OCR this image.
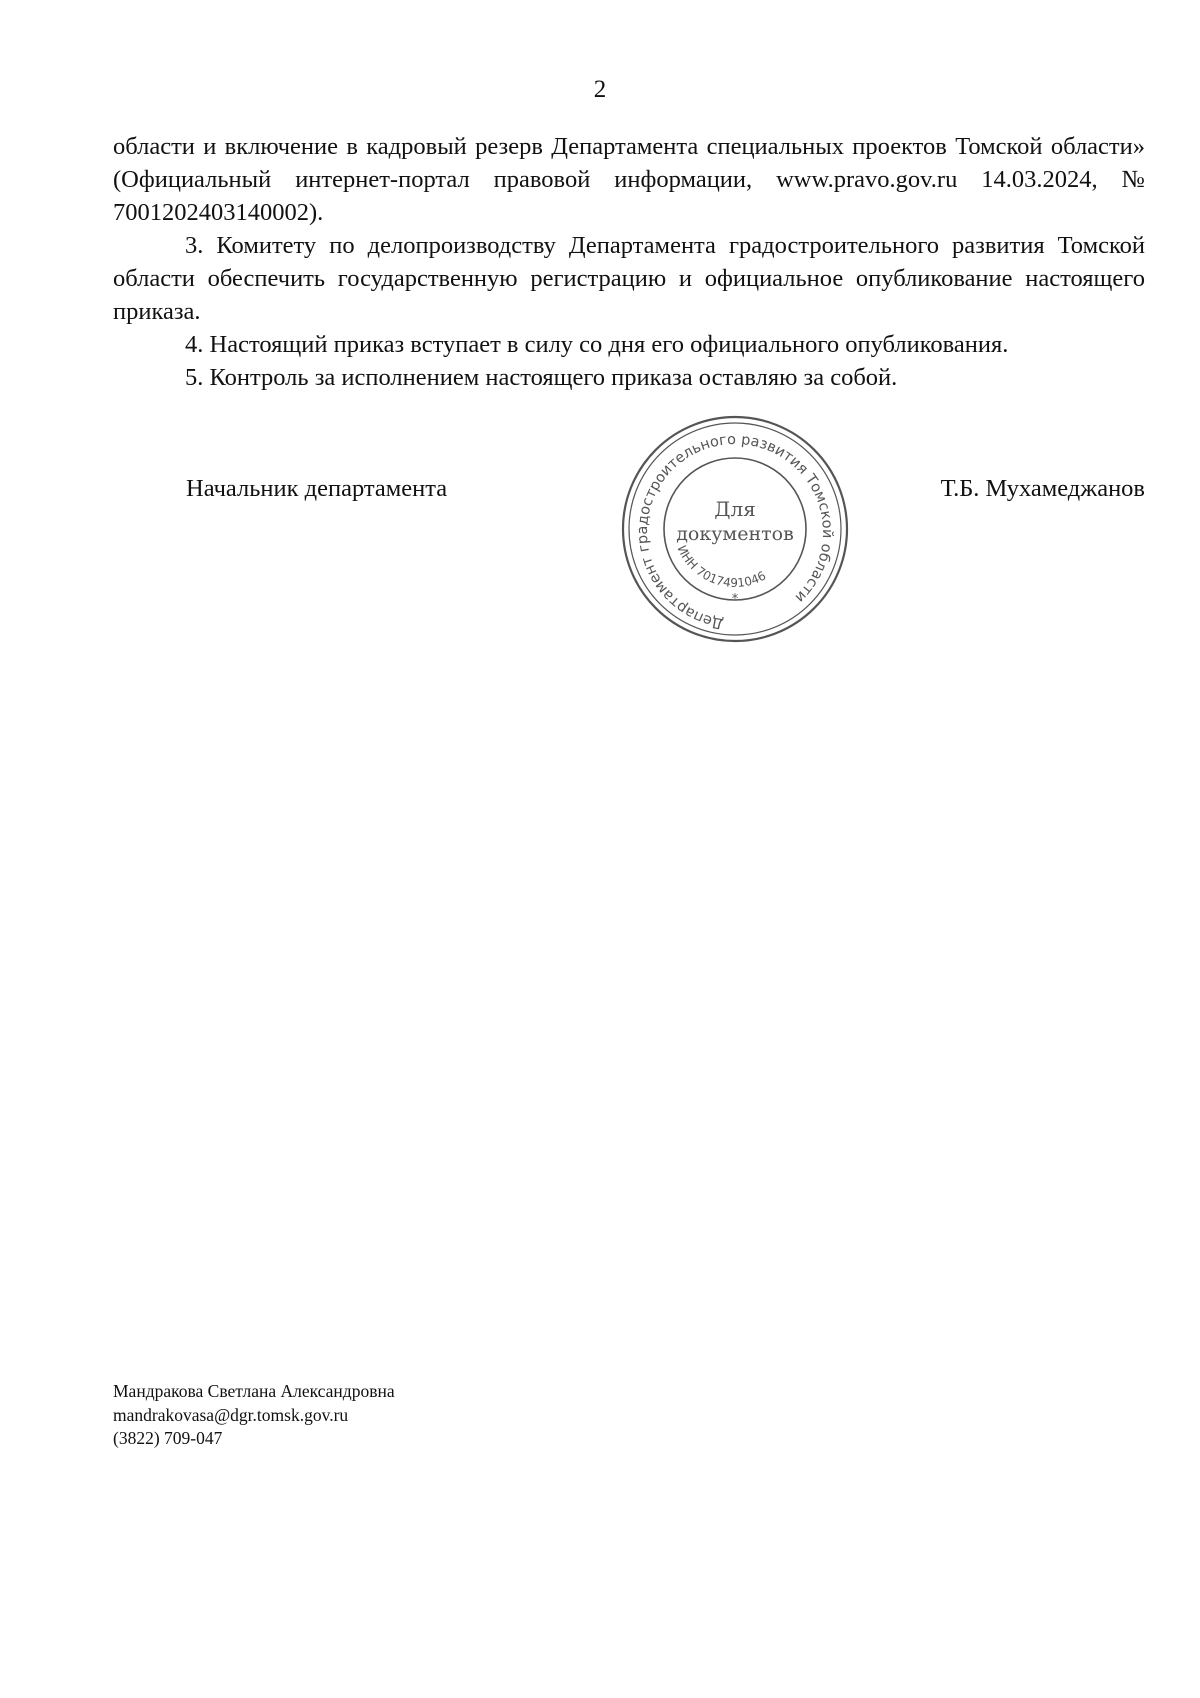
2

области и включение в кадровый резерв Департамента специальных проектов Томской области» (Официальный интернет-портал правовой информации, www.pravo.gov.ru 14.03.2024, № 7001202403140002).

3. Комитету по делопроизводству Департамента градостроительного развития Томской области обеспечить государственную регистрацию и официальное опубликование настоящего приказа.

4. Настоящий приказ вступает в силу со дня его официального опубликования.

5. Контроль за исполнением настоящего приказа оставляю за собой.

Начальник департамента
Департамент градостроительного развития Томской области
ИНН 7017491046
Для
документов
*
Т.Б. Мухамеджанов
Мандракова Светлана Александровна
mandrakovasa@dgr.tomsk.gov.ru
(3822) 709-047
